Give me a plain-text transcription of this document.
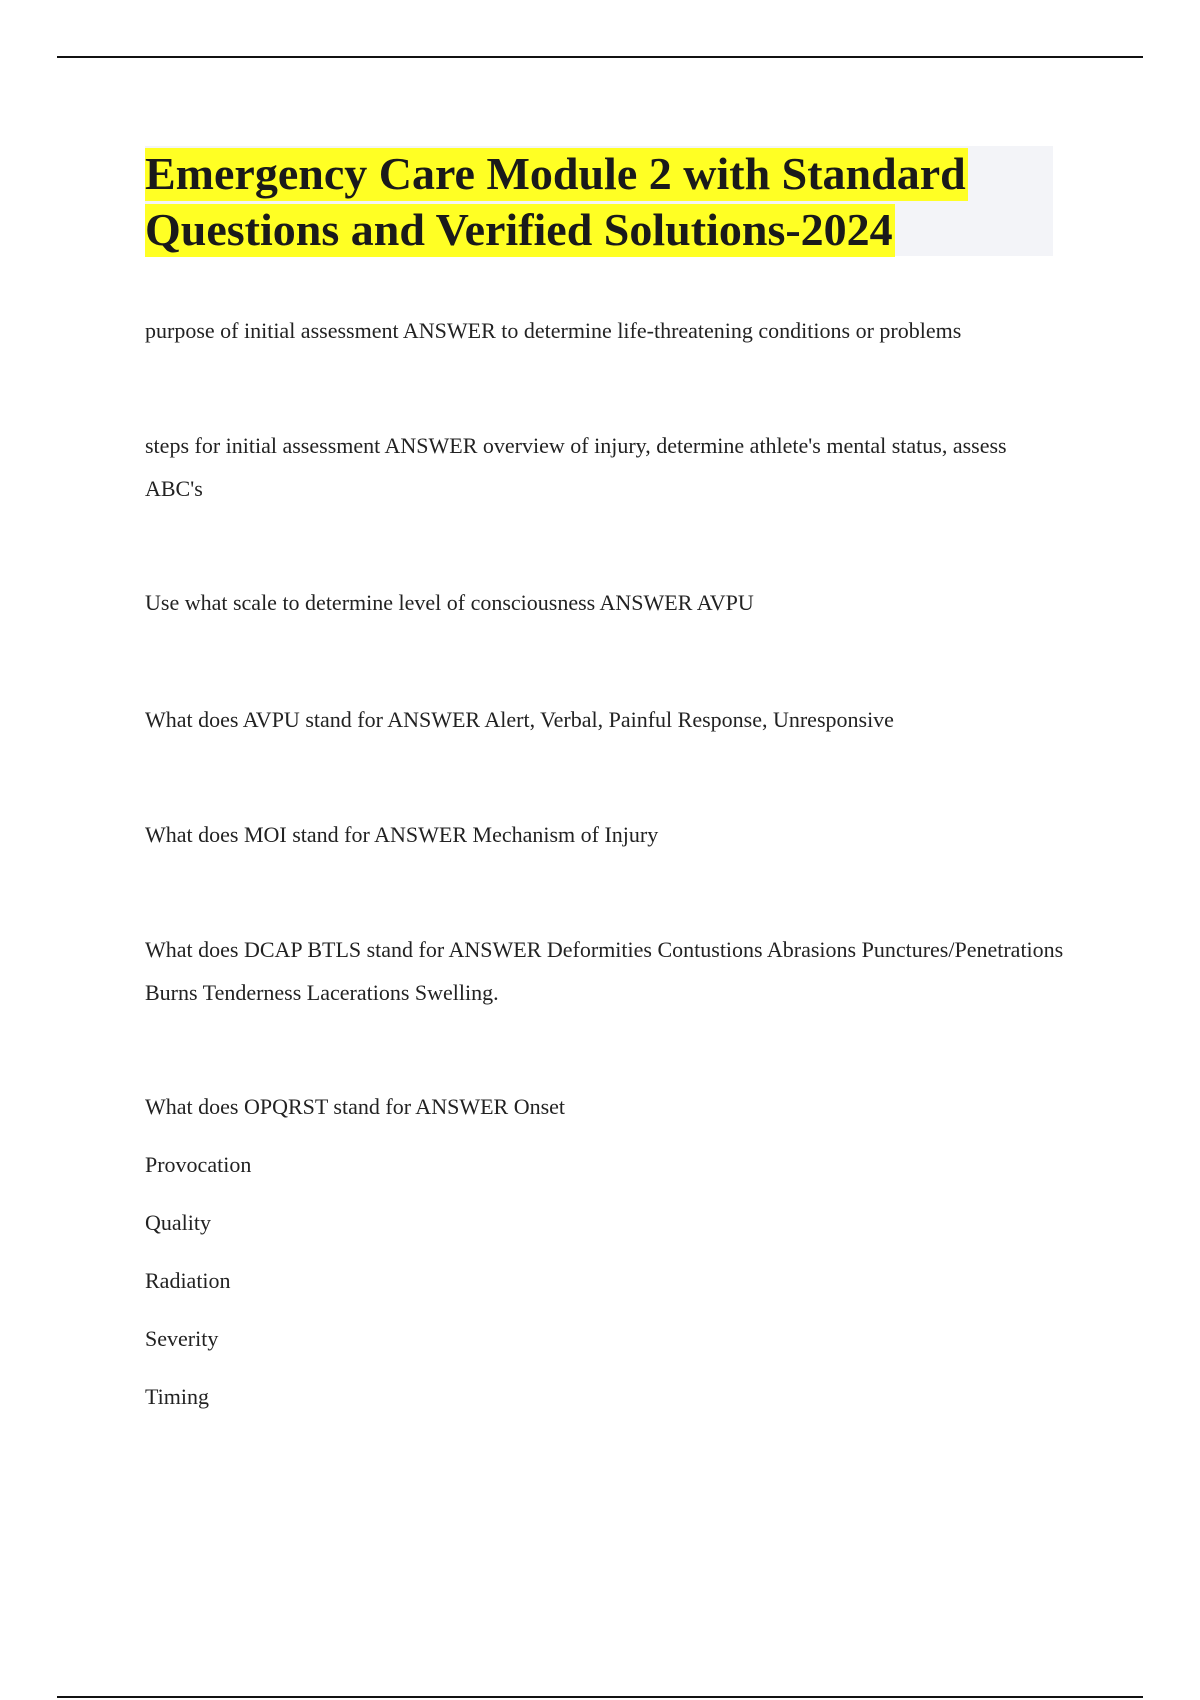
Emergency Care Module 2 with Standard Questions and Verified Solutions-2024

purpose of initial assessment ANSWER to determine life-threatening conditions or problems

steps for initial assessment ANSWER overview of injury, determine athlete's mental status, assess ABC's

Use what scale to determine level of consciousness ANSWER AVPU

What does AVPU stand for ANSWER Alert, Verbal, Painful Response, Unresponsive

What does MOI stand for ANSWER Mechanism of Injury

What does DCAP BTLS stand for ANSWER Deformities Contustions Abrasions Punctures/Penetrations Burns Tenderness Lacerations Swelling.

What does OPQRST stand for ANSWER Onset

Provocation

Quality

Radiation

Severity

Timing
